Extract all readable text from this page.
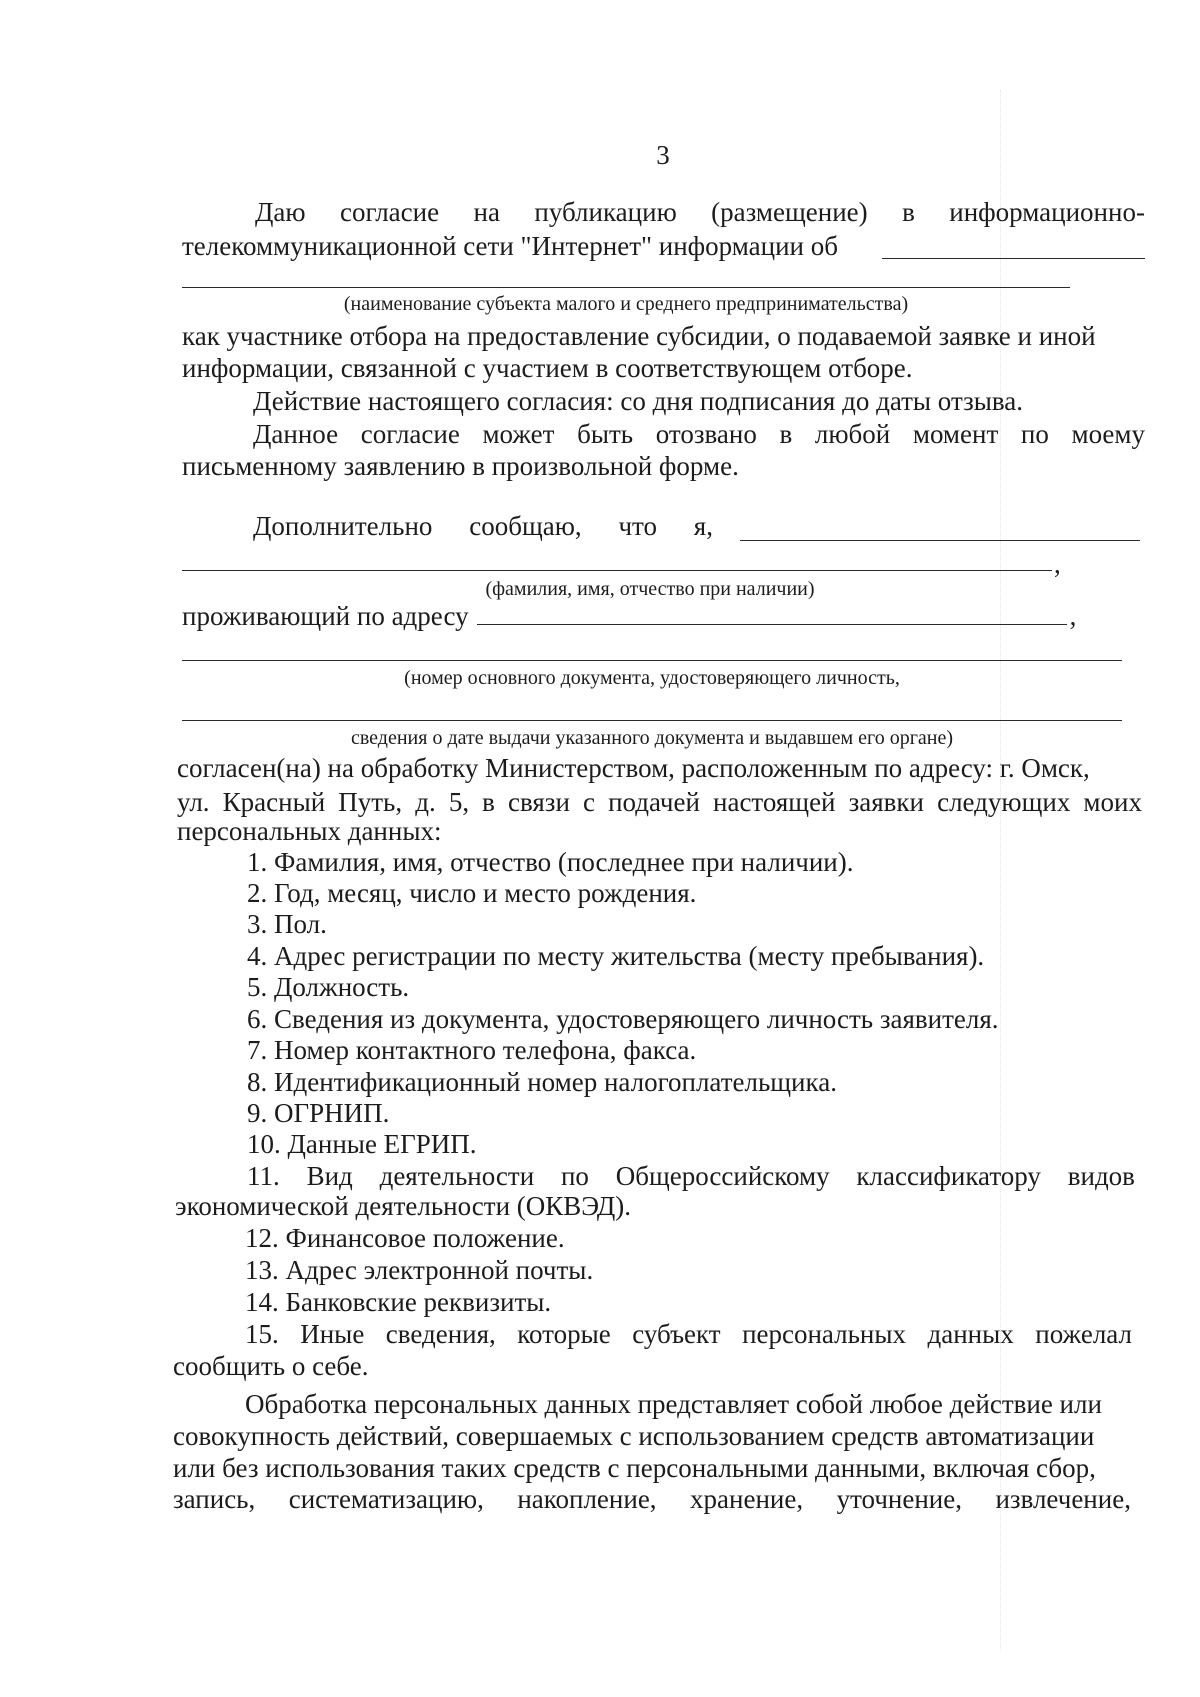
3
Даю согласие на публикацию (размещение) в информационно-
телекоммуникационной сети "Интернет" информации об
(наименование субъекта малого и среднего предпринимательства)
как участнике отбора на предоставление субсидии, о подаваемой заявке и иной
информации, связанной с участием в соответствующем отборе.
Действие настоящего согласия: со дня подписания до даты отзыва.
Данное согласие может быть отозвано в любой момент по моему
письменному заявлению в произвольной форме.
Дополнительно сообщаю, что я,
,
(фамилия, имя, отчество при наличии)
проживающий по адресу	,
(номер основного документа, удостоверяющего личность,
сведения о дате выдачи указанного документа и выдавшем его органе)
согласен(на) на обработку Министерством, расположенным по адресу: г. Омск,
ул. Красный Путь, д. 5, в связи с подачей настоящей заявки следующих моих
персональных данных:
1. Фамилия, имя, отчество (последнее при наличии).
2. Год, месяц, число и место рождения.
3. Пол.
4. Адрес регистрации по месту жительства (месту пребывания).
5. Должность.
6. Сведения из документа, удостоверяющего личность заявителя.
7. Номер контактного телефона, факса.
8. Идентификационный номер налогоплательщика.
9. ОГРНИП.
10. Данные ЕГРИП.
11. Вид деятельности по Общероссийскому классификатору видов
экономической деятельности (ОКВЭД).
12. Финансовое положение.
13. Адрес электронной почты.
14. Банковские реквизиты.
15. Иные сведения, которые субъект персональных данных пожелал
сообщить о себе.
Обработка персональных данных представляет собой любое действие или
совокупность действий, совершаемых с использованием средств автоматизации
или без использования таких средств с персональными данными, включая сбор,
запись, систематизацию, накопление, хранение, уточнение, извлечение,
